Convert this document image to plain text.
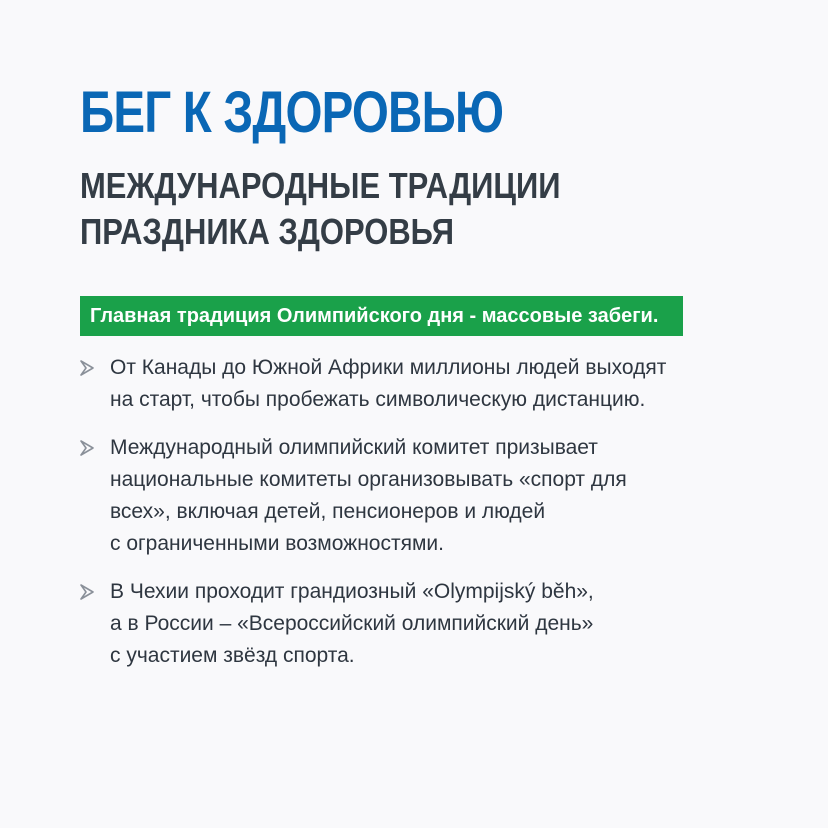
БЕГ К ЗДОРОВЬЮ
МЕЖДУНАРОДНЫЕ ТРАДИЦИИ
ПРАЗДНИКА ЗДОРОВЬЯ
Главная традиция Олимпийского дня - массовые забеги.
От Канады до Южной Африки миллионы людей выходят
на старт, чтобы пробежать символическую дистанцию.
Международный олимпийский комитет призывает
национальные комитеты организовывать «спорт для
всех», включая детей, пенсионеров и людей
с ограниченными возможностями.
В Чехии проходит грандиозный «Olympijský běh»,
а в России – «Всероссийский олимпийский день»
с участием звёзд спорта.
